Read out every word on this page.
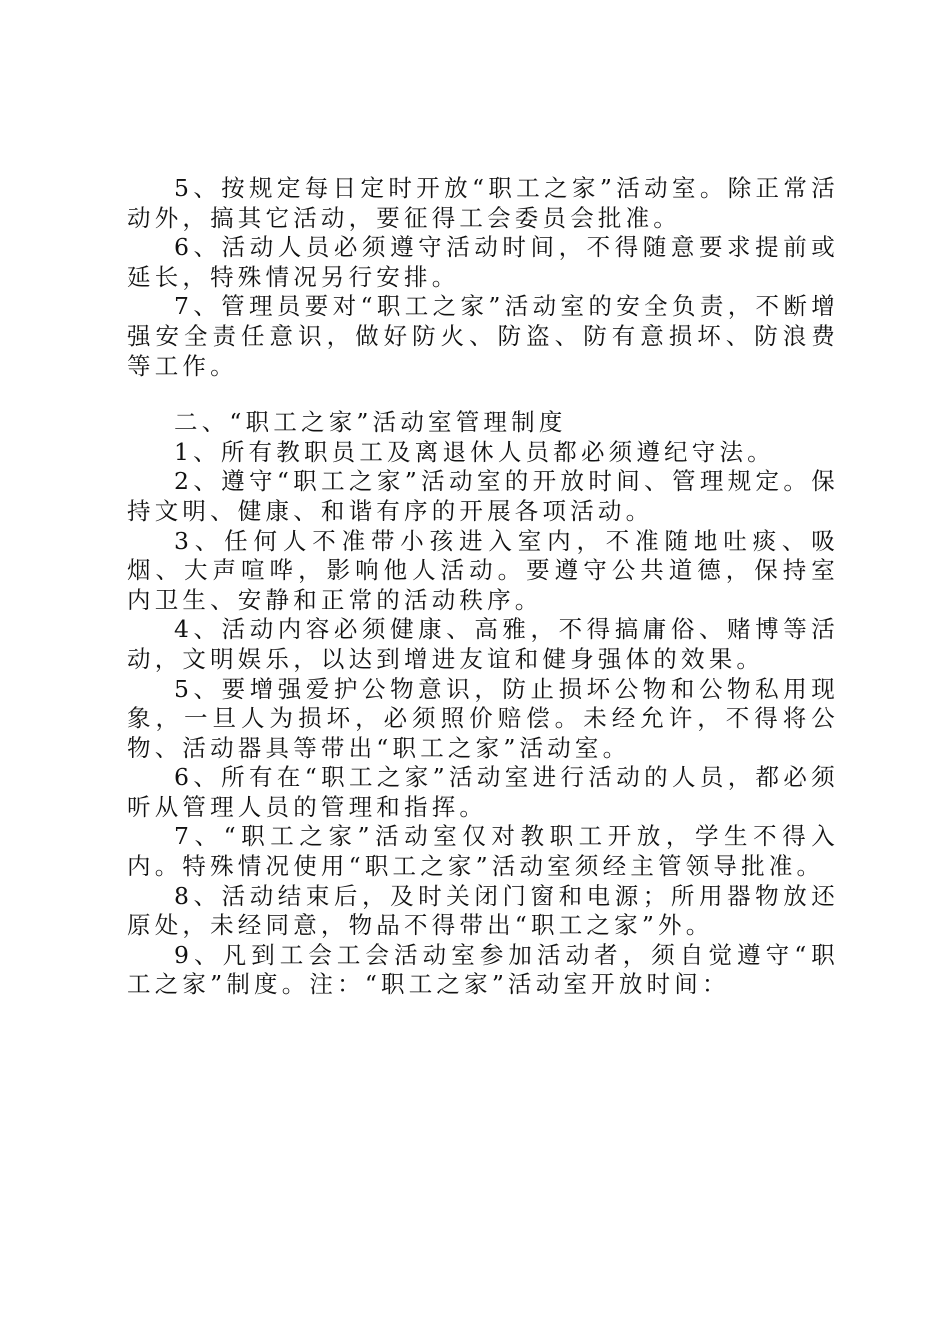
5、按规定每日定时开放“职工之家”活动室。除正常活动外，搞其它活动，要征得工会委员会批准。

6、活动人员必须遵守活动时间，不得随意要求提前或延长，特殊情况另行安排。

7、管理员要对“职工之家”活动室的安全负责，不断增强安全责任意识，做好防火、防盗、防有意损坏、防浪费等工作。

二、“职工之家”活动室管理制度

1、所有教职员工及离退休人员都必须遵纪守法。

2、遵守“职工之家”活动室的开放时间、管理规定。保持文明、健康、和谐有序的开展各项活动。

3、任何人不准带小孩进入室内，不准随地吐痰、吸烟、大声喧哗，影响他人活动。要遵守公共道德，保持室内卫生、安静和正常的活动秩序。

4、活动内容必须健康、高雅，不得搞庸俗、赌博等活动，文明娱乐，以达到增进友谊和健身强体的效果。

5、要增强爱护公物意识，防止损坏公物和公物私用现象，一旦人为损坏，必须照价赔偿。未经允许，不得将公物、活动器具等带出“职工之家”活动室。

6、所有在“职工之家”活动室进行活动的人员，都必须听从管理人员的管理和指挥。

7、“职工之家”活动室仅对教职工开放，学生不得入内。特殊情况使用“职工之家”活动室须经主管领导批准。

8、活动结束后，及时关闭门窗和电源；所用器物放还原处，未经同意，物品不得带出“职工之家”外。

9、凡到工会工会活动室参加活动者，须自觉遵守“职工之家”制度。注：“职工之家”活动室开放时间：
